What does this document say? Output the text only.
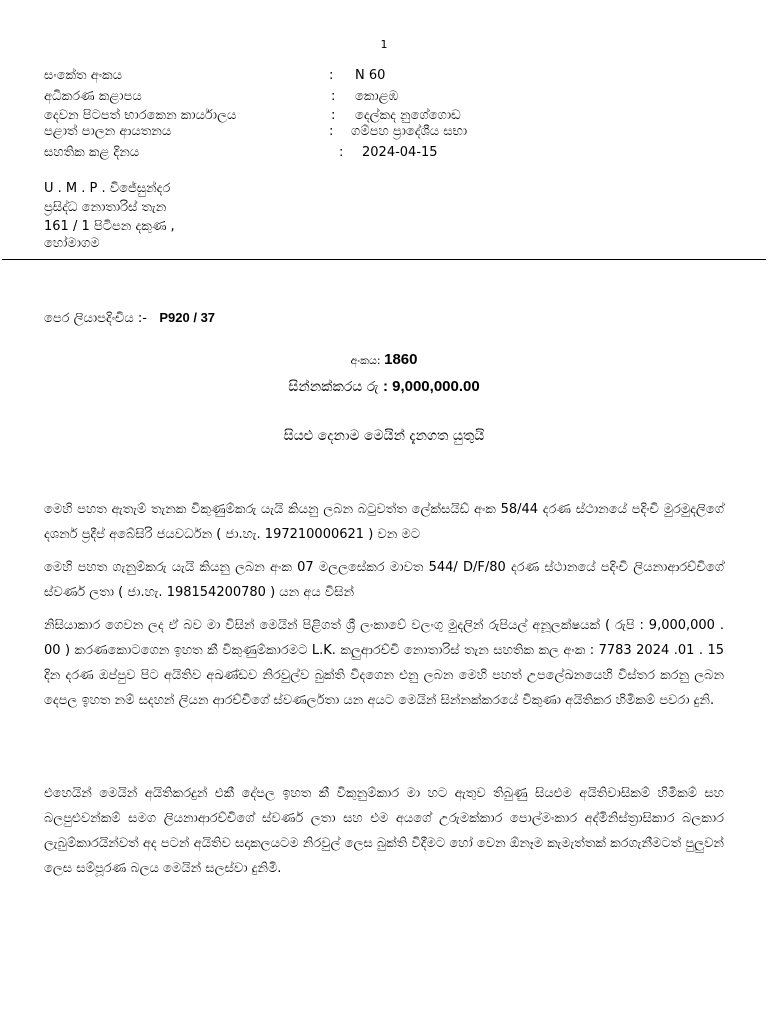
1
සංකේත අංකය	: N 60
අධිකරණ කළාපය	: කොළඹ
දෙවන පිටපත් භාරකෙන කාර්යාලය	: දෙල්කද නුගේගොඩ
පළාත් පාලන ආයතනය	: ගම්පහ ප්‍රාදේශීය සභා
සහතික කළ දිනය	: 2024-04-15
U . M . P . විජේසුන්දර
ප්‍රසිද්ධ නොතාරිස් තැන
161 / 1 පිටිපන දකුණ ,
හෝමාගම
පෙර ලියාපදිංචිය :- P920 / 37
අංකය: 1860
සින්නක්කරය රු : 9,000,000.00
සියළු දෙනාම මෙයින් දැනගත යුතුයි
මෙහි පහත ඇතැම් තැනක විකුණුම්කරු යැයි කියනු ලබන බටුවත්ත ලේක්සයිඩ් අංක 58/44 දරණ ස්ථානයේ පදිංචි මුරමුදලිගේ දශර්න ප්‍රදීප් අබේසිරි ජයවර්ධන ( ජා.හැ. 197210000621 ) වන මට
මෙහි පහත ගැනුම්කරු යැයි කියනු ලබන අංක 07 මලලසේකර මාවත 544/ D/F/80 දරණ ස්ථානයේ පදිංචි ලියනාආරච්චිගේ ස්වණර් ලතා ( ජා.හැ. 198154200780 ) යන අය විසින්
නිසියාකාර ගෙවන ලද ඒ බව මා විසින් මෙයින් පිළිගත් ශ්‍රී ලංකාවේ වලංගු මුදලින් රුපියල් අනූලක්ෂයක් ( රුපි : 9,000,000 . 00 ) කරණකොටගෙන ඉහත කී විකුණුම්කාරමට L.K. කලුආරච්චි නොතාරිස් තැන සහතික කල අංක : 7783 2024 .01 . 15 දින දරණ ඔප්පුව පිට අයිතිව අඛණ්ඩව නිරවුල්ව බුක්ති විදගෙන එනු ලබන මෙහි පහත් උපලේඛනයෙහි විස්තර කරනු ලබන දෙපල ඉහත නම් සදහන් ලියන ආරච්චිගේ ස්වණර්ලතා යන අයට මෙයින් සින්නක්කරයේ විකුණා අයිතිකර හිමිකම් පවරා දුනි.
එහෙයින් මෙයින් අයිතිකරදුන් එකී දේපල ඉහත කී විකුනුම්කාර මා හට ඇතුව තිබුණු සියළුම අයිතිවාසිකම් හිමිකම් සහ බලපුළුවන්කම් සමග ලියනාආරච්චිගේ ස්වණර් ලතා සහ එම අයගේ උරුමක්කාර පොල්මංකාර අද්මිනිස්ත්‍රාසිකාර බලකාර ලැබුම්කාරයින්වත් අද පටන් අයිතිව සදාකලයටම නිරවුල් ලෙස බුක්ති විදීමට හෝ වෙන ඕනෑම කැමැත්තක් කරගැනීමටත් පුලුවන් ලෙස සම්පූරණ බලය මෙයින් සලස්වා දුනිමි.
